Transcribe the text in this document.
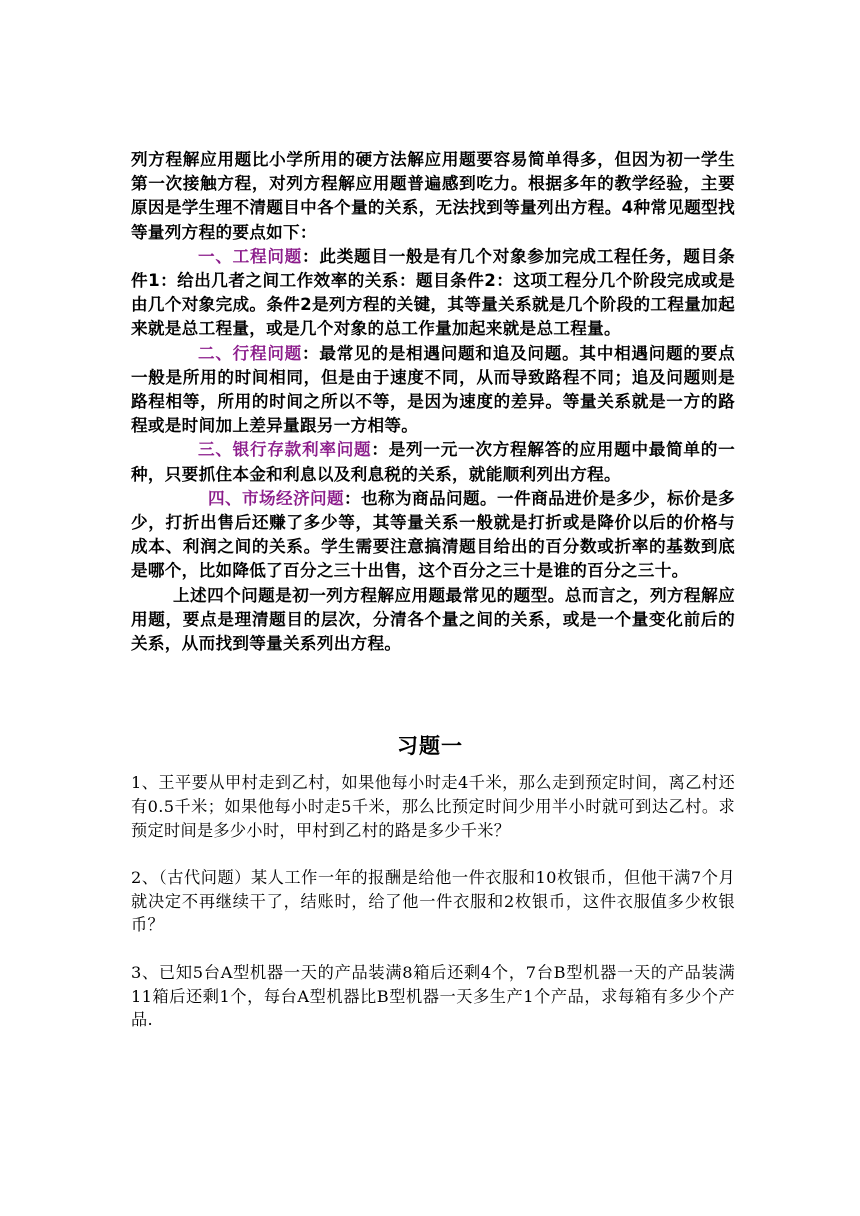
列方程解应用题比小学所用的硬方法解应用题要容易简单得多，但因为初一学生第一次接触方程，对列方程解应用题普遍感到吃力。根据多年的教学经验，主要原因是学生理不清题目中各个量的关系，无法找到等量列出方程。4种常见题型找等量列方程的要点如下：

一、工程问题：此类题目一般是有几个对象参加完成工程任务，题目条件1：给出几者之间工作效率的关系：题目条件2：这项工程分几个阶段完成或是由几个对象完成。条件2是列方程的关键，其等量关系就是几个阶段的工程量加起来就是总工程量，或是几个对象的总工作量加起来就是总工程量。

二、行程问题：最常见的是相遇问题和追及问题。其中相遇问题的要点一般是所用的时间相同，但是由于速度不同，从而导致路程不同；追及问题则是路程相等，所用的时间之所以不等，是因为速度的差异。等量关系就是一方的路程或是时间加上差异量跟另一方相等。

三、银行存款利率问题：是列一元一次方程解答的应用题中最简单的一种，只要抓住本金和利息以及利息税的关系，就能顺利列出方程。

四、市场经济问题：也称为商品问题。一件商品进价是多少，标价是多少，打折出售后还赚了多少等，其等量关系一般就是打折或是降价以后的价格与成本、利润之间的关系。学生需要注意搞清题目给出的百分数或折率的基数到底是哪个，比如降低了百分之三十出售，这个百分之三十是谁的百分之三十。

上述四个问题是初一列方程解应用题最常见的题型。总而言之，列方程解应用题，要点是理清题目的层次，分清各个量之间的关系，或是一个量变化前后的关系，从而找到等量关系列出方程。

习题一

1、王平要从甲村走到乙村，如果他每小时走4千米，那么走到预定时间，离乙村还有0.5千米；如果他每小时走5千米，那么比预定时间少用半小时就可到达乙村。求预定时间是多少小时，甲村到乙村的路是多少千米？

2、（古代问题）某人工作一年的报酬是给他一件衣服和10枚银币，但他干满7个月就决定不再继续干了，结账时，给了他一件衣服和2枚银币，这件衣服值多少枚银币？

3、已知5台A型机器一天的产品装满8箱后还剩4个，7台B型机器一天的产品装满11箱后还剩1个，每台A型机器比B型机器一天多生产1个产品，求每箱有多少个产品.
